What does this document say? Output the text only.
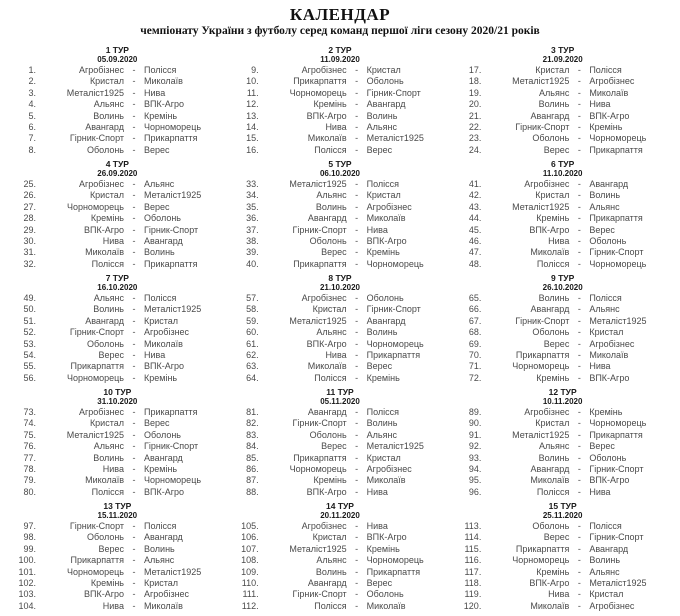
КАЛЕНДАР
чемпіонату України з футболу серед команд першої ліги сезону 2020/21 років
1 ТУР
05.09.2020
1.	Агробізнес - Полісся
2.	Кристал - Миколаїв
3.	Металіст1925 - Нива
4.	Альянс - ВПК-Агро
5.	Волинь - Кремінь
6.	Авангард - Чорноморець
7.	Гірник-Спорт - Прикарпаття
8.	Оболонь - Верес
2 ТУР
11.09.2020
9.	Агробізнес - Кристал
10.	Прикарпаття - Оболонь
11.	Чорноморець - Гірник-Спорт
12.	Кремінь - Авангард
13.	ВПК-Агро - Волинь
14.	Нива - Альянс
15.	Миколаїв - Металіст1925
16.	Полісся - Верес
3 ТУР
21.09.2020
17.	Кристал - Полісся
18.	Металіст1925 - Агробізнес
19.	Альянс - Миколаїв
20.	Волинь - Нива
21.	Авангард - ВПК-Агро
22.	Гірник-Спорт - Кремінь
23.	Оболонь - Чорноморець
24.	Верес - Прикарпаття
4 ТУР
26.09.2020
25.	Агробізнес - Альянс
26.	Кристал - Металіст1925
27.	Чорноморець - Верес
28.	Кремінь - Оболонь
29.	ВПК-Агро - Гірник-Спорт
30.	Нива - Авангард
31.	Миколаїв - Волинь
32.	Полісся - Прикарпаття
5 ТУР
06.10.2020
33.	Металіст1925 - Полісся
34.	Альянс - Кристал
35.	Волинь - Агробізнес
36.	Авангард - Миколаїв
37.	Гірник-Спорт - Нива
38.	Оболонь - ВПК-Агро
39.	Верес - Кремінь
40.	Прикарпаття - Чорноморець
6 ТУР
11.10.2020
41.	Агробізнес - Авангард
42.	Кристал - Волинь
43.	Металіст1925 - Альянс
44.	Кремінь - Прикарпаття
45.	ВПК-Агро - Верес
46.	Нива - Оболонь
47.	Миколаїв - Гірник-Спорт
48.	Полісся - Чорноморець
7 ТУР
16.10.2020
49.	Альянс - Полісся
50.	Волинь - Металіст1925
51.	Авангард - Кристал
52.	Гірник-Спорт - Агробізнес
53.	Оболонь - Миколаїв
54.	Верес - Нива
55.	Прикарпаття - ВПК-Агро
56.	Чорноморець - Кремінь
8 ТУР
21.10.2020
57.	Агробізнес - Оболонь
58.	Кристал - Гірник-Спорт
59.	Металіст1925 - Авангард
60.	Альянс - Волинь
61.	ВПК-Агро - Чорноморець
62.	Нива - Прикарпаття
63.	Миколаїв - Верес
64.	Полісся - Кремінь
9 ТУР
26.10.2020
65.	Волинь - Полісся
66.	Авангард - Альянс
67.	Гірник-Спорт - Металіст1925
68.	Оболонь - Кристал
69.	Верес - Агробізнес
70.	Прикарпаття - Миколаїв
71.	Чорноморець - Нива
72.	Кремінь - ВПК-Агро
10 ТУР
31.10.2020
73.	Агробізнес - Прикарпаття
74.	Кристал - Верес
75.	Металіст1925 - Оболонь
76.	Альянс - Гірник-Спорт
77.	Волинь - Авангард
78.	Нива - Кремінь
79.	Миколаїв - Чорноморець
80.	Полісся - ВПК-Агро
11 ТУР
05.11.2020
81.	Авангард - Полісся
82.	Гірник-Спорт - Волинь
83.	Оболонь - Альянс
84.	Верес - Металіст1925
85.	Прикарпаття - Кристал
86.	Чорноморець - Агробізнес
87.	Кремінь - Миколаїв
88.	ВПК-Агро - Нива
12 ТУР
10.11.2020
89.	Агробізнес - Кремінь
90.	Кристал - Чорноморець
91.	Металіст1925 - Прикарпаття
92.	Альянс - Верес
93.	Волинь - Оболонь
94.	Авангард - Гірник-Спорт
95.	Миколаїв - ВПК-Агро
96.	Полісся - Нива
13 ТУР
15.11.2020
97.	Гірник-Спорт - Полісся
98.	Оболонь - Авангард
99.	Верес - Волинь
100.	Прикарпаття - Альянс
101.	Чорноморець - Металіст1925
102.	Кремінь - Кристал
103.	ВПК-Агро - Агробізнес
104.	Нива - Миколаїв
14 ТУР
20.11.2020
105.	Агробізнес - Нива
106.	Кристал - ВПК-Агро
107.	Металіст1925 - Кремінь
108.	Альянс - Чорноморець
109.	Волинь - Прикарпаття
110.	Авангард - Верес
111.	Гірник-Спорт - Оболонь
112.	Полісся - Миколаїв
15 ТУР
25.11.2020
113.	Оболонь - Полісся
114.	Верес - Гірник-Спорт
115.	Прикарпаття - Авангард
116.	Чорноморець - Волинь
117.	Кремінь - Альянс
118.	ВПК-Агро - Металіст1925
119.	Нива - Кристал
120.	Миколаїв - Агробізнес
